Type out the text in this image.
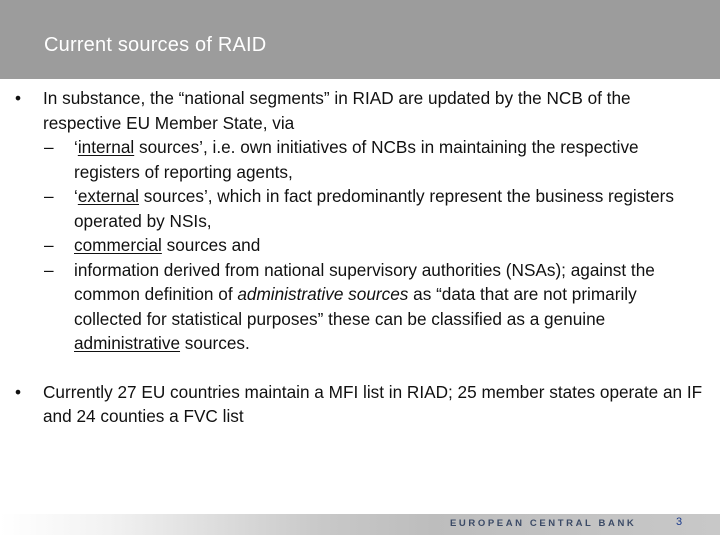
Current sources of RAID
• In substance, the “national segments” in RIAD are updated by the NCB of the respective EU Member State, via
– ‘internal sources’, i.e. own initiatives of NCBs in maintaining the respective registers of reporting agents,
– ‘external sources’, which in fact predominantly represent the business registers operated by NSIs,
– commercial sources and
– information derived from national supervisory authorities (NSAs); against the common definition of administrative sources as “data that are not primarily collected for statistical purposes” these can be classified as a genuine administrative sources.
• Currently 27 EU countries maintain a MFI list in RIAD; 25 member states operate an IF and 24 counties a FVC list
EUROPEAN CENTRAL BANK	3
